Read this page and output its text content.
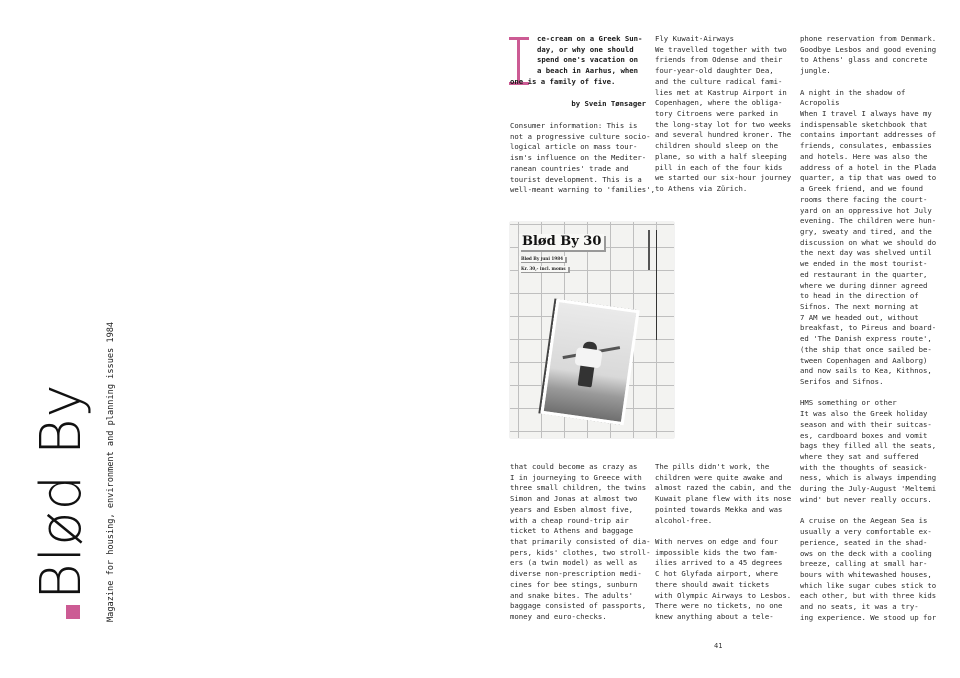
Blød By Magazine for housing, environment and planning issues 1984
ce-cream on a Greek Sun-
day, or why one should
spend one's vacation on
a beach in Aarhus, when
one is a family of five.
by Svein Tønsager
Consumer information: This is
not a progressive culture socio-
logical article on mass tour-
ism's influence on the Mediter-
ranean countries' trade and
tourist development. This is a
well-meant warning to 'families',
Fly Kuwait-Airways
We travelled together with two
friends from Odense and their
four-year-old daughter Dea,
and the culture radical fami-
lies met at Kastrup Airport in
Copenhagen, where the obliga-
tory Citroens were parked in
the long-stay lot for two weeks
and several hundred kroner. The
children should sleep on the
plane, so with a half sleeping
pill in each of the four kids
we started our six-hour journey
to Athens via Zürich.
that could become as crazy as
I in journeying to Greece with
three small children, the twins
Simon and Jonas at almost two
years and Esben almost five,
with a cheap round-trip air
ticket to Athens and baggage
that primarily consisted of dia-
pers, kids' clothes, two stroll-
ers (a twin model) as well as
diverse non-prescription medi-
cines for bee stings, sunburn
and snake bites. The adults'
baggage consisted of passports,
money and euro-checks.
The pills didn't work, the
children were quite awake and
almost razed the cabin, and the
Kuwait plane flew with its nose
pointed towards Mekka and was
alcohol-free.
With nerves on edge and four
impossible kids the two fam-
ilies arrived to a 45 degrees
C hot Glyfada airport, where
there should await tickets
with Olympic Airways to Lesbos.
There were no tickets, no one
knew anything about a tele-
phone reservation from Denmark.
Goodbye Lesbos and good evening
to Athens' glass and concrete
jungle.
A night in the shadow of
Acropolis
When I travel I always have my
indispensable sketchbook that
contains important addresses of
friends, consulates, embassies
and hotels. Here was also the
address of a hotel in the Plada
quarter, a tip that was owed to
a Greek friend, and we found
rooms there facing the court-
yard on an oppressive hot July
evening. The children were hun-
gry, sweaty and tired, and the
discussion on what we should do
the next day was shelved until
we ended in the most tourist-
ed restaurant in the quarter,
where we during dinner agreed
to head in the direction of
Sifnos. The next morning at
7 AM we headed out, without
breakfast, to Pireus and board-
ed 'The Danish express route',
(the ship that once sailed be-
tween Copenhagen and Aalborg)
and now sails to Kea, Kithnos,
Serifos and Sifnos.
HMS something or other
It was also the Greek holiday
season and with their suitcas-
es, cardboard boxes and vomit
bags they filled all the seats,
where they sat and suffered
with the thoughts of seasick-
ness, which is always impending
during the July-August 'Meltemi
wind' but never really occurs.
A cruise on the Aegean Sea is
usually a very comfortable ex-
perience, seated in the shad-
ows on the deck with a cooling
breeze, calling at small har-
bours with whitewashed houses,
which like sugar cubes stick to
each other, but with three kids
and no seats, it was a try-
ing experience. We stood up for
Blød By 30
Blød By juni 1984
Kr. 30,- incl. moms
41
